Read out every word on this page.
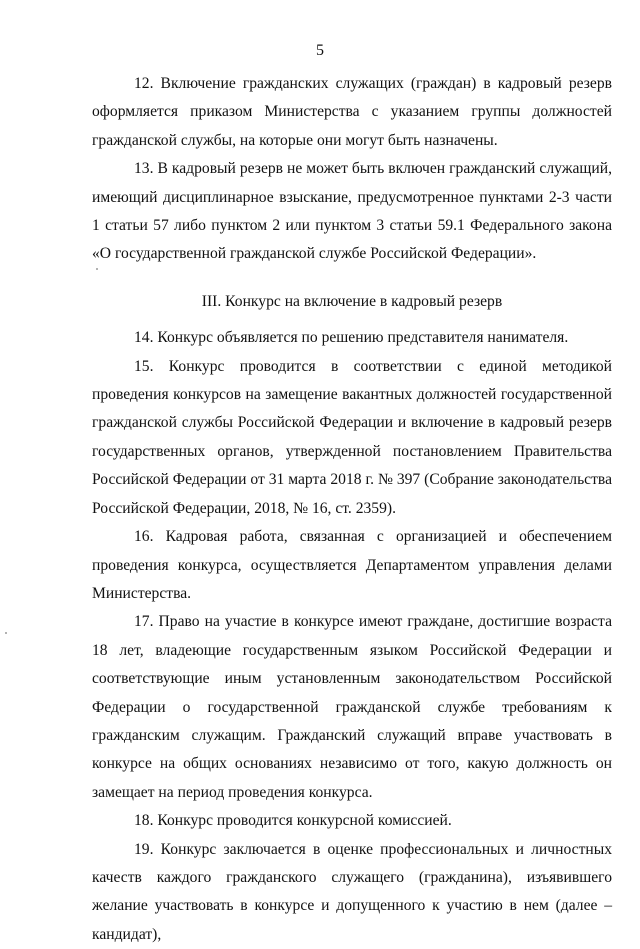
5

12. Включение гражданских служащих (граждан) в кадровый резерв оформляется приказом Министерства с указанием группы должностей гражданской службы, на которые они могут быть назначены.

13. В кадровый резерв не может быть включен гражданский служащий, имеющий дисциплинарное взыскание, предусмотренное пунктами 2-3 части 1 статьи 57 либо пунктом 2 или пунктом 3 статьи 59.1 Федерального закона «О государственной гражданской службе Российской Федерации».

III. Конкурс на включение в кадровый резерв

14. Конкурс объявляется по решению представителя нанимателя.

15. Конкурс проводится в соответствии с единой методикой проведения конкурсов на замещение вакантных должностей государственной гражданской службы Российской Федерации и включение в кадровый резерв государственных органов, утвержденной постановлением Правительства Российской Федерации от 31 марта 2018 г. № 397 (Собрание законодательства Российской Федерации, 2018, № 16, ст. 2359).

16. Кадровая работа, связанная с организацией и обеспечением проведения конкурса, осуществляется Департаментом управления делами Министерства.

17. Право на участие в конкурсе имеют граждане, достигшие возраста 18 лет, владеющие государственным языком Российской Федерации и соответствующие иным установленным законодательством Российской Федерации о государственной гражданской службе требованиям к гражданским служащим. Гражданский служащий вправе участвовать в конкурсе на общих основаниях независимо от того, какую должность он замещает на период проведения конкурса.

18. Конкурс проводится конкурсной комиссией.

19. Конкурс заключается в оценке профессиональных и личностных качеств каждого гражданского служащего (гражданина), изъявившего желание участвовать в конкурсе и допущенного к участию в нем (далее – кандидат),
